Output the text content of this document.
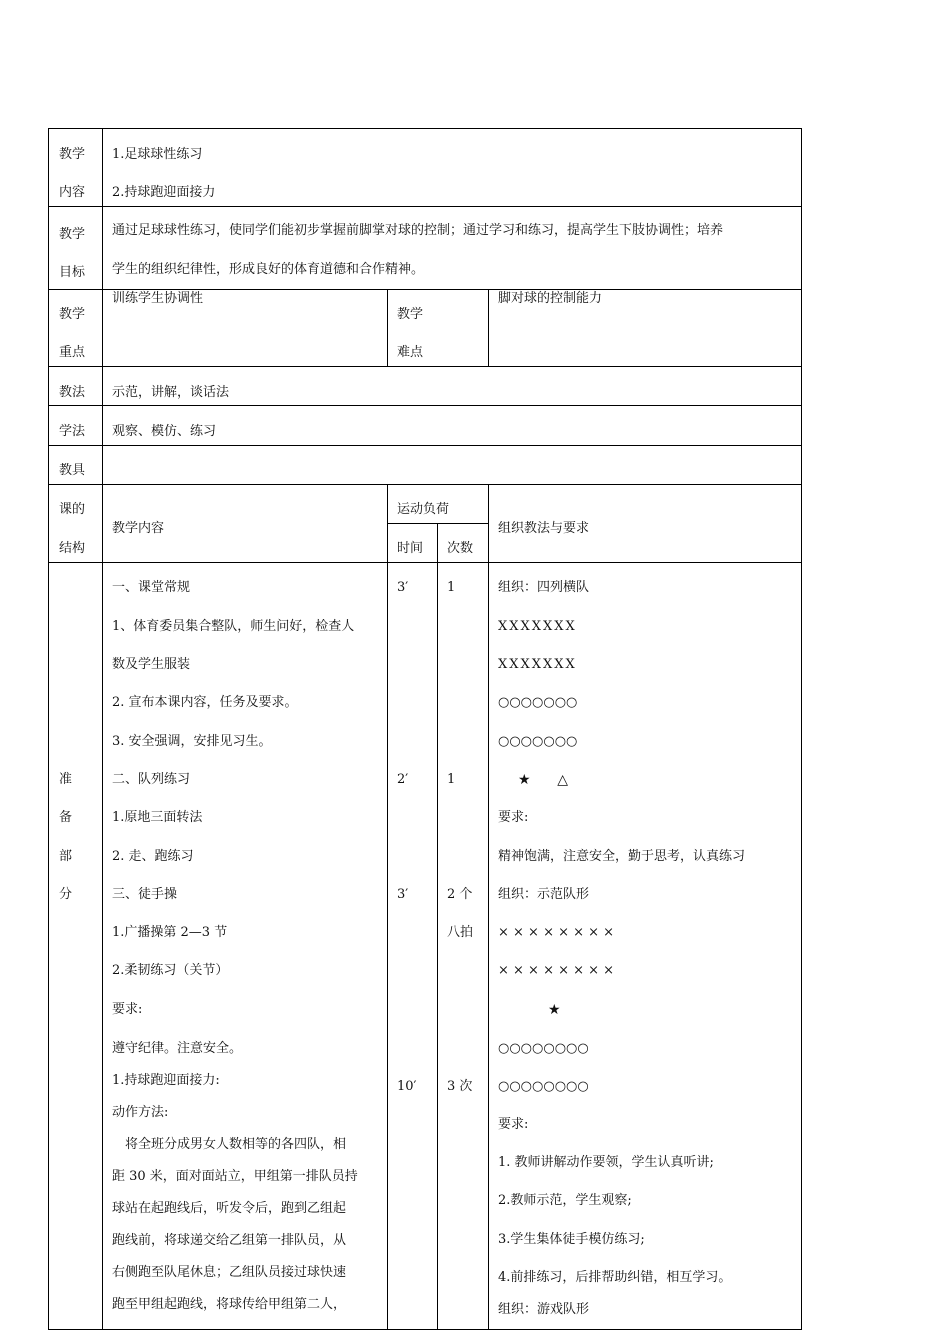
教学
内容
1.足球球性练习
2.持球跑迎面接力
教学
目标
通过足球球性练习，使同学们能初步掌握前脚掌对球的控制；通过学习和练习，提高学生下肢协调性；培养
学生的组织纪律性，形成良好的体育道德和合作精神。
教学
重点
训练学生协调性
教学
难点
脚对球的控制能力
教法 示范，讲解，谈话法
学法 观察、模仿、练习
教具
课的
结构
教学内容
运动负荷
时间 次数
组织教法与要求
准
备
部
分
一、课堂常规
1、体育委员集合整队，师生问好，检查人
数及学生服装
2. 宣布本课内容，任务及要求。
3. 安全强调，安排见习生。
二、队列练习
1.原地三面转法
2. 走、跑练习
三、徒手操
1.广播操第 2—3 节
2.柔韧练习（关节）
要求:
遵守纪律。注意安全。
1.持球跑迎面接力:
动作方法:
　将全班分成男女人数相等的各四队，相
距 30 米，面对面站立，甲组第一排队员持
球站在起跑线后，听发令后，跑到乙组起
跑线前，将球递交给乙组第一排队员，从
右侧跑至队尾休息；乙组队员接过球快速
跑至甲组起跑线，将球传给甲组第二人，
3′
2′
3′
10′
1
1
2 个
八拍
3 次
组织：四列横队
XXXXXXX
XXXXXXX
○○○○○○○
○○○○○○○
★      △
要求:
精神饱满，注意安全，勤于思考，认真练习
组织：示范队形
× × × × × × × ×
× × × × × × × ×
★
○○○○○○○○
○○○○○○○○
要求:
1. 教师讲解动作要领，学生认真听讲;
2.教师示范，学生观察;
3.学生集体徒手模仿练习;
4.前排练习，后排帮助纠错，相互学习。
组织：游戏队形
